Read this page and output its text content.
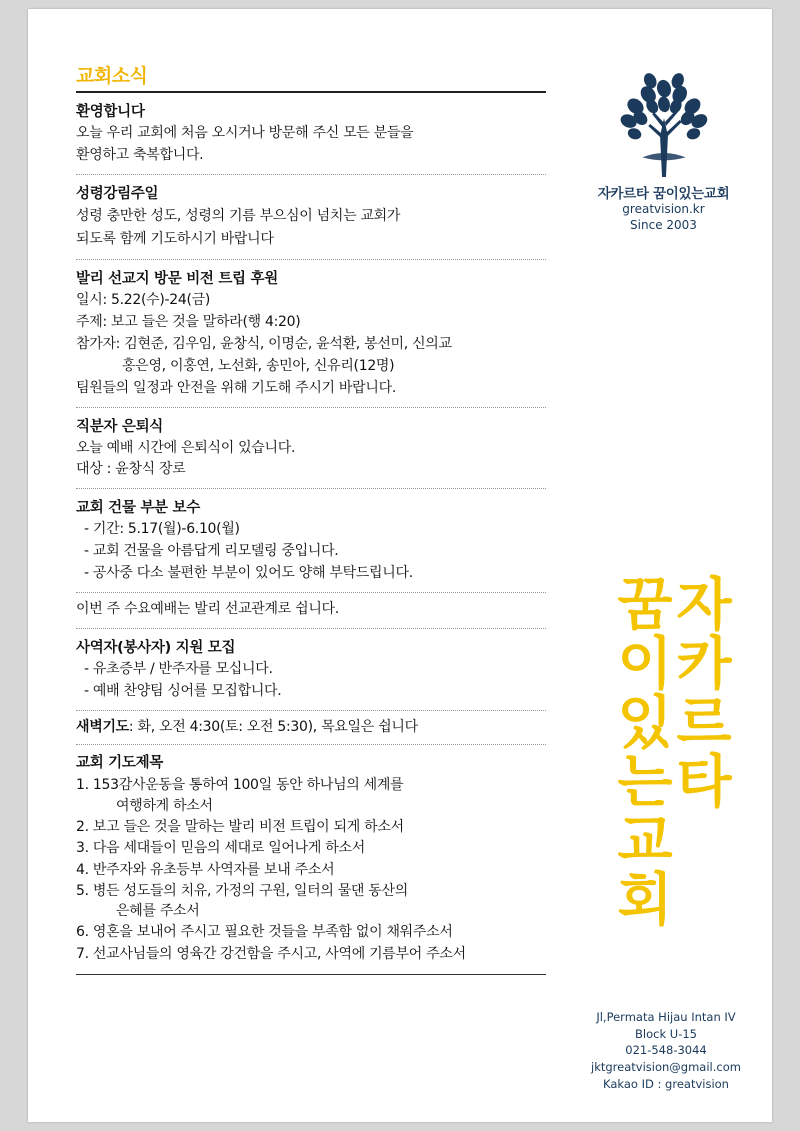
교회소식
환영합니다
오늘 우리 교회에 처음 오시거나 방문해 주신 모든 분들을
환영하고 축복합니다.
성령강림주일
성령 충만한 성도, 성령의 기름 부으심이 넘치는 교회가
되도록 함께 기도하시기 바랍니다
발리 선교지 방문 비전 트립 후원
일시: 5.22(수)-24(금)
주제: 보고 들은 것을 말하라(행 4:20)
참가자: 김현준, 김우임, 윤창식, 이명순, 윤석환, 봉선미, 신의교
홍은영, 이홍연, 노선화, 송민아, 신유리(12명)
팀원들의 일정과 안전을 위해 기도해 주시기 바랍니다.
직분자 은퇴식
오늘 예배 시간에 은퇴식이 있습니다.
대상 : 윤창식 장로
교회 건물 부분 보수
- 기간: 5.17(월)-6.10(월)
- 교회 건물을 아름답게 리모델링 중입니다.
- 공사중 다소 불편한 부분이 있어도 양해 부탁드립니다.
이번 주 수요예배는 발리 선교관계로 쉽니다.
사역자(봉사자) 지원 모집
- 유초증부 / 반주자를 모십니다.
- 예배 찬양팀 싱어를 모집합니다.
새벽기도: 화, 오전 4:30(토: 오전 5:30), 목요일은 쉽니다
교회 기도제목
1. 153감사운동을 통하여 100일 동안 하나님의 세계를
여행하게 하소서
2. 보고 들은 것을 말하는 발리 비전 트립이 되게 하소서
3. 다음 세대들이 믿음의 세대로 일어나게 하소서
4. 반주자와 유초등부 사역자를 보내 주소서
5. 병든 성도들의 치유, 가정의 구원, 일터의 물댄 동산의
은혜를 주소서
6. 영혼을 보내어 주시고 필요한 것들을 부족함 없이 채워주소서
7. 선교사님들의 영육간 강건함을 주시고, 사역에 기름부어 주소서
자카르타 꿈이있는교회
greatvision.kr
Since 2003
자카르타
꿈이있는교회
Jl,Permata Hijau Intan IV
Block U-15
021-548-3044
jktgreatvision@gmail.com
Kakao ID : greatvision
